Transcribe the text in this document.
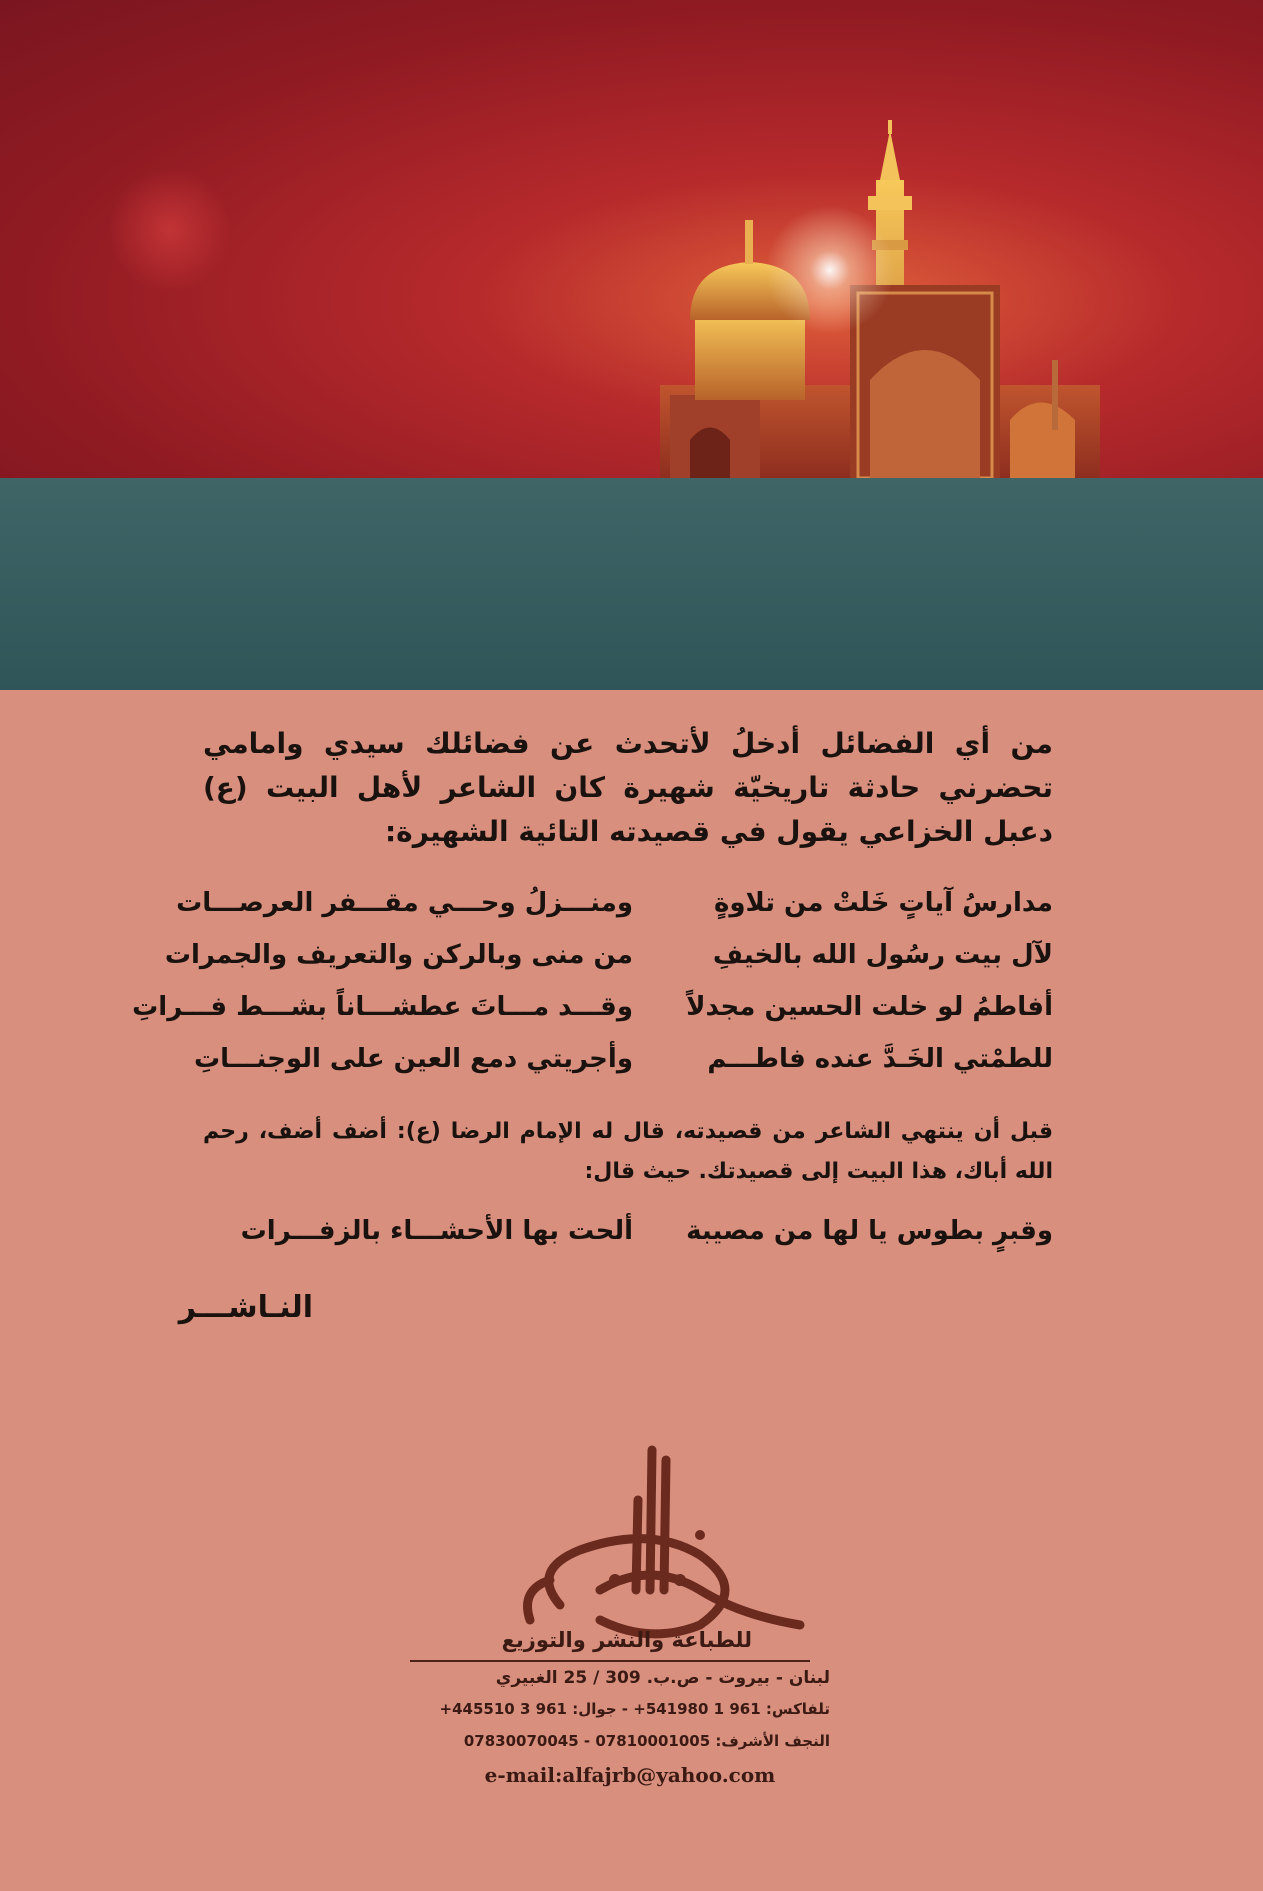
من أي الفضائل أدخلُ لأتحدث عن فضائلك سيدي وامامي تحضرني حادثة تاريخيّة شهيرة كان الشاعر لأهل البيت (ع) دعبل الخزاعي يقول في قصيدته التائية الشهيرة:
مدارسُ آياتٍ خَلتْ من تلاوةٍ
ومنـــزلُ وحـــي مقـــفر العرصـــات
لآل بيت رسُول الله بالخيفِ
من منى وبالركن والتعريف والجمرات
أفاطمُ لو خلت الحسين مجدلاً
وقـــد مـــاتَ عطشـــاناً بشـــط فـــراتِ
للطمْتي الخَـدَّ عنده فاطـــم
وأجريتي دمع العين على الوجنـــاتِ
قبل أن ينتهي الشاعر من قصيدته، قال له الإمام الرضا (ع): أضف أضف، رحم الله أباك، هذا البيت إلى قصيدتك. حيث قال:
وقبرٍ بطوس يا لها من مصيبة
ألحت بها الأحشـــاء بالزفـــرات
النـاشـــر
للطباعة والنشر والتوزيع
لبنان - بيروت - ص.ب. 309 / 25 الغبيري
تلفاكس: 961 1 541980+ - جوال: 961 3 445510+
النجف الأشرف: 07810001005 - 07830070045
e-mail:alfajrb@yahoo.com
